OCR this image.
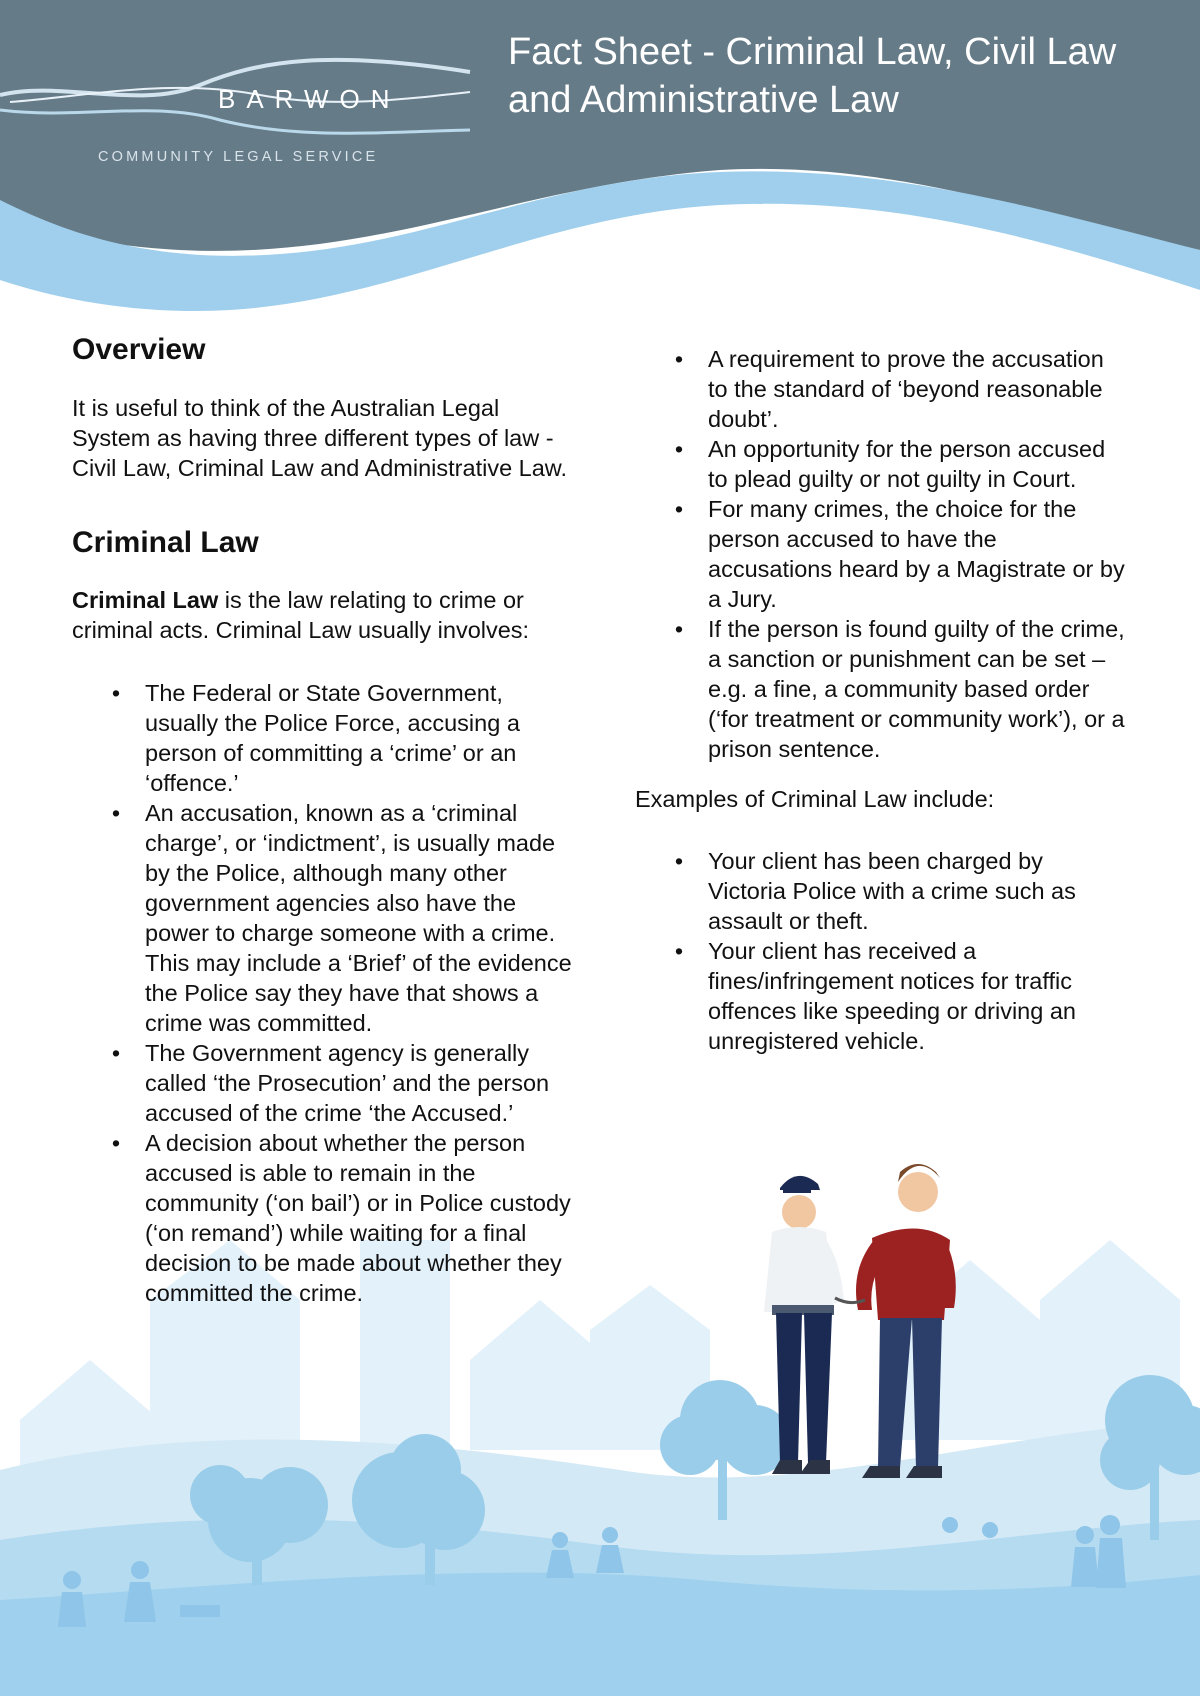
Fact Sheet - Criminal Law, Civil Law
and Administrative Law
BARWON
COMMUNITY LEGAL SERVICE
Overview

It is useful to think of the Australian Legal System as having three different types of law - Civil Law, Criminal Law and Administrative Law.

Criminal Law

Criminal Law is the law relating to crime or criminal acts. Criminal Law usually involves:

• The Federal or State Government, usually the Police Force, accusing a person of committing a ‘crime’ or an ‘offence.’
• An accusation, known as a ‘criminal charge’, or ‘indictment’, is usually made by the Police, although many other government agencies also have the power to charge someone with a crime. This may include a ‘Brief’ of the evidence the Police say they have that shows a crime was committed.
• The Government agency is generally called ‘the Prosecution’ and the person accused of the crime ‘the Accused.’
• A decision about whether the person accused is able to remain in the community (‘on bail’) or in Police custody (‘on remand’) while waiting for a final decision to be made about whether they committed the crime.
• A requirement to prove the accusation to the standard of ‘beyond reasonable doubt’.
• An opportunity for the person accused to plead guilty or not guilty in Court.
• For many crimes, the choice for the person accused to have the accusations heard by a Magistrate or by a Jury.
• If the person is found guilty of the crime, a sanction or punishment can be set – e.g. a fine, a community based order (‘for treatment or community work’), or a prison sentence.

Examples of Criminal Law include:

• Your client has been charged by Victoria Police with a crime such as assault or theft.
• Your client has received a fines/infringement notices for traffic offences like speeding or driving an unregistered vehicle.
